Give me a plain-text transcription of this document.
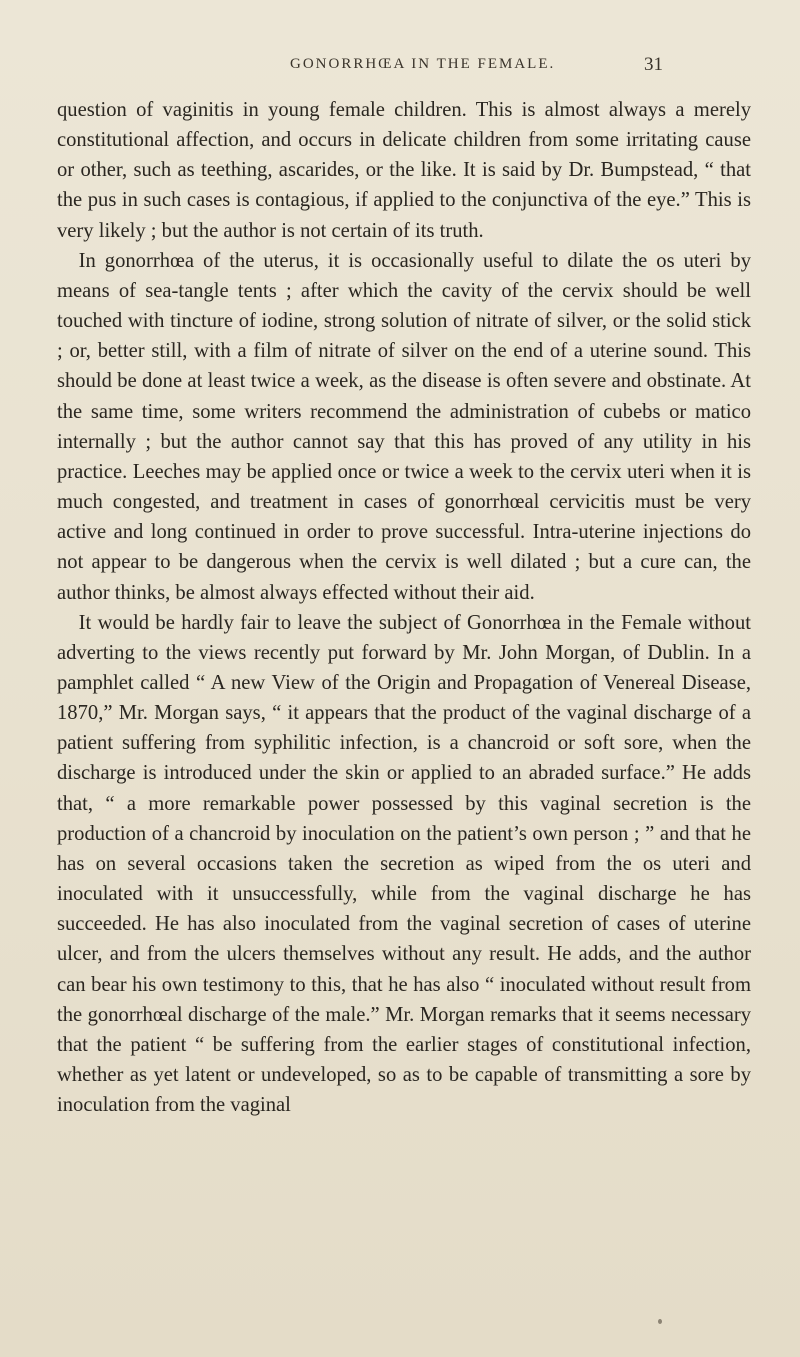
GONORRHŒA IN THE FEMALE.	31

question of vaginitis in young female children. This is almost always a merely constitutional affection, and occurs in delicate children from some irritating cause or other, such as teething, ascarides, or the like. It is said by Dr. Bumpstead, “ that the pus in such cases is contagious, if applied to the conjunctiva of the eye.” This is very likely ; but the author is not certain of its truth.

In gonorrhœa of the uterus, it is occasionally useful to dilate the os uteri by means of sea-tangle tents ; after which the cavity of the cervix should be well touched with tincture of iodine, strong solution of nitrate of silver, or the solid stick ; or, better still, with a film of nitrate of silver on the end of a uterine sound. This should be done at least twice a week, as the disease is often severe and obstinate. At the same time, some writers recommend the administration of cubebs or matico internally ; but the author cannot say that this has proved of any utility in his practice. Leeches may be applied once or twice a week to the cervix uteri when it is much congested, and treatment in cases of gonorrhœal cervicitis must be very active and long continued in order to prove successful. Intra-uterine injections do not appear to be dangerous when the cervix is well dilated ; but a cure can, the author thinks, be almost always effected without their aid.

It would be hardly fair to leave the subject of Gonorrhœa in the Female without adverting to the views recently put forward by Mr. John Morgan, of Dublin. In a pamphlet called “ A new View of the Origin and Propagation of Venereal Disease, 1870,” Mr. Morgan says, “ it appears that the product of the vaginal discharge of a patient suffering from syphilitic infection, is a chancroid or soft sore, when the discharge is introduced under the skin or applied to an abraded surface.” He adds that, “ a more remarkable power possessed by this vaginal secretion is the production of a chancroid by inoculation on the patient’s own person ; ” and that he has on several occasions taken the secretion as wiped from the os uteri and inoculated with it unsuccessfully, while from the vaginal discharge he has succeeded. He has also inoculated from the vaginal secretion of cases of uterine ulcer, and from the ulcers themselves without any result. He adds, and the author can bear his own testimony to this, that he has also “ inoculated without result from the gonorrhœal discharge of the male.” Mr. Morgan remarks that it seems necessary that the patient “ be suffering from the earlier stages of constitutional infection, whether as yet latent or undeveloped, so as to be capable of transmitting a sore by inoculation from the vaginal
